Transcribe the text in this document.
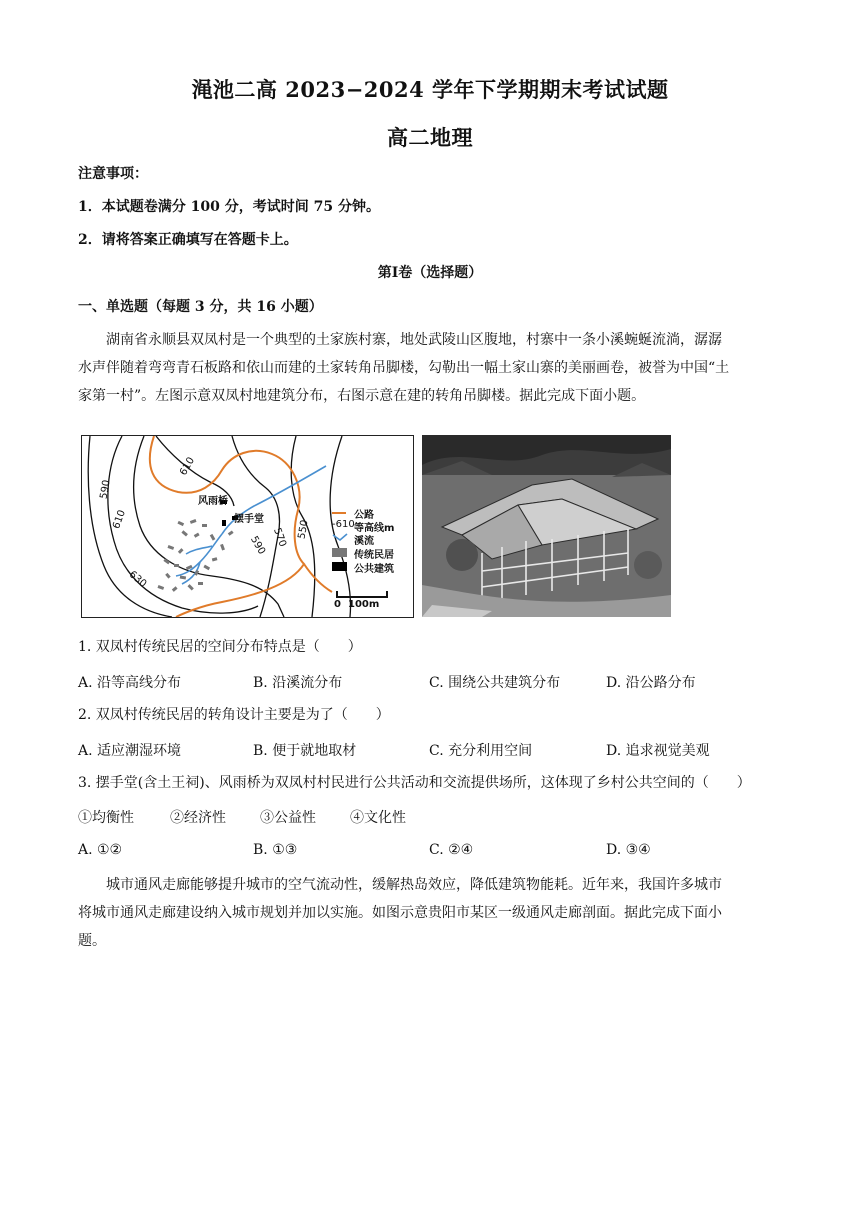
渑池二高 2023−2024 学年下学期期末考试试题
高二地理
注意事项：
1．本试题卷满分 100 分，考试时间 75 分钟。
2．请将答案正确填写在答题卡上。
第Ⅰ卷（选择题）
一、单选题（每题 3 分，共 16 小题）
湖南省永顺县双凤村是一个典型的土家族村寨，地处武陵山区腹地，村寨中一条小溪蜿蜒流淌，潺潺
水声伴随着弯弯青石板路和依山而建的土家转角吊脚楼，勾勒出一幅土家山寨的美丽画卷，被誉为中国“土
家第一村”。左图示意双凤村地建筑分布，右图示意在建的转角吊脚楼。据此完成下面小题。
610
590
610
630
590 570 550
风雨桥
摆手堂	公路
-610 等高线m
溪流
传统民居
公共建筑
0 100m
1. 双凤村传统民居的空间分布特点是（　　）
A. 沿等高线分布	B. 沿溪流分布	C. 围绕公共建筑分布	D. 沿公路分布
2. 双凤村传统民居的转角设计主要是为了（　　）
A. 适应潮湿环境	B. 便于就地取材	C. 充分利用空间	D. 追求视觉美观
3. 摆手堂(含土王祠)、风雨桥为双凤村村民进行公共活动和交流提供场所，这体现了乡村公共空间的（　　）
①均衡性	②经济性 ③公益性 ④文化性
A. ①②	B. ①③	C. ②④	D. ③④
城市通风走廊能够提升城市的空气流动性，缓解热岛效应，降低建筑物能耗。近年来，我国许多城市
将城市通风走廊建设纳入城市规划并加以实施。如图示意贵阳市某区一级通风走廊剖面。据此完成下面小
题。
